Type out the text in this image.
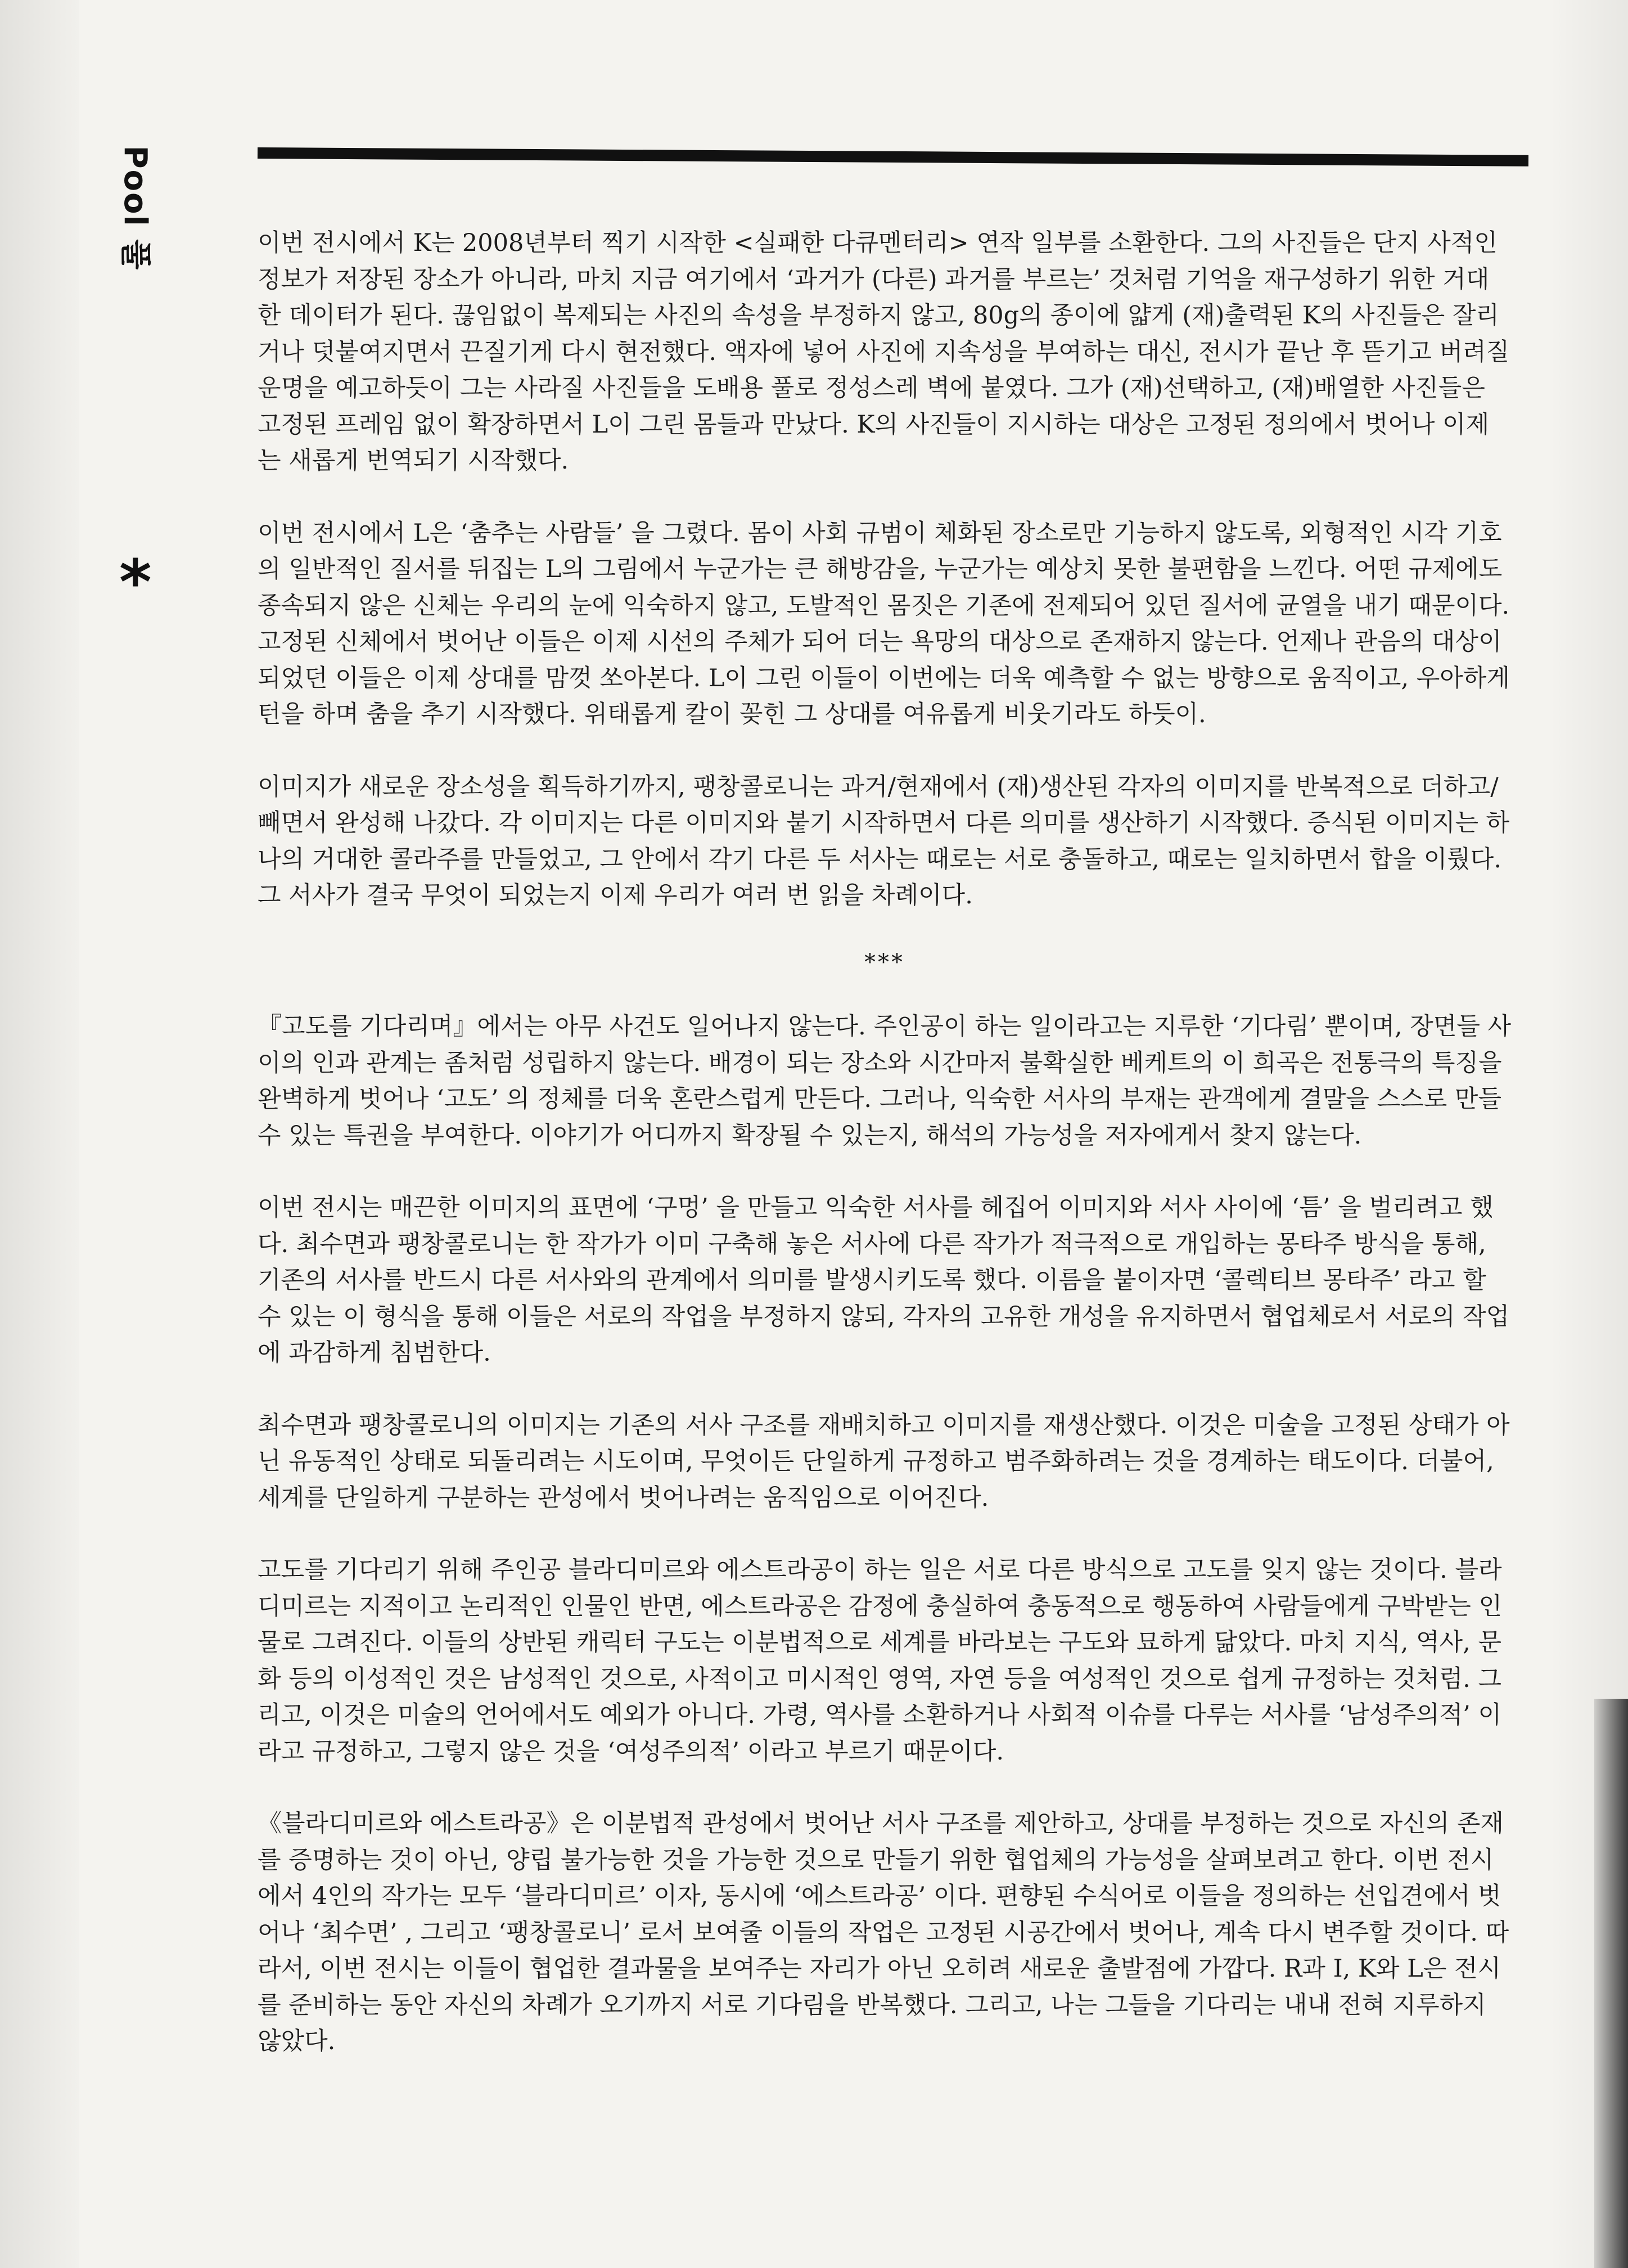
Pool 풀
*

이번 전시에서 K는 2008년부터 찍기 시작한 <실패한 다큐멘터리> 연작 일부를 소환한다. 그의 사진들은 단지 사적인 정보가 저장된 장소가 아니라, 마치 지금 여기에서 ‘과거가 (다른) 과거를 부르는’ 것처럼 기억을 재구성하기 위한 거대한 데이터가 된다. 끊임없이 복제되는 사진의 속성을 부정하지 않고, 80g의 종이에 얇게 (재)출력된 K의 사진들은 잘리거나 덧붙여지면서 끈질기게 다시 현전했다. 액자에 넣어 사진에 지속성을 부여하는 대신, 전시가 끝난 후 뜯기고 버려질 운명을 예고하듯이 그는 사라질 사진들을 도배용 풀로 정성스레 벽에 붙였다. 그가 (재)선택하고, (재)배열한 사진들은 고정된 프레임 없이 확장하면서 L이 그린 몸들과 만났다. K의 사진들이 지시하는 대상은 고정된 정의에서 벗어나 이제는 새롭게 번역되기 시작했다.

이번 전시에서 L은 ‘춤추는 사람들’ 을 그렸다. 몸이 사회 규범이 체화된 장소로만 기능하지 않도록, 외형적인 시각 기호의 일반적인 질서를 뒤집는 L의 그림에서 누군가는 큰 해방감을, 누군가는 예상치 못한 불편함을 느낀다. 어떤 규제에도 종속되지 않은 신체는 우리의 눈에 익숙하지 않고, 도발적인 몸짓은 기존에 전제되어 있던 질서에 균열을 내기 때문이다. 고정된 신체에서 벗어난 이들은 이제 시선의 주체가 되어 더는 욕망의 대상으로 존재하지 않는다. 언제나 관음의 대상이 되었던 이들은 이제 상대를 맘껏 쏘아본다. L이 그린 이들이 이번에는 더욱 예측할 수 없는 방향으로 움직이고, 우아하게 턴을 하며 춤을 추기 시작했다. 위태롭게 칼이 꽂힌 그 상대를 여유롭게 비웃기라도 하듯이.

이미지가 새로운 장소성을 획득하기까지, 팽창콜로니는 과거/현재에서 (재)생산된 각자의 이미지를 반복적으로 더하고/빼면서 완성해 나갔다. 각 이미지는 다른 이미지와 붙기 시작하면서 다른 의미를 생산하기 시작했다. 증식된 이미지는 하나의 거대한 콜라주를 만들었고, 그 안에서 각기 다른 두 서사는 때로는 서로 충돌하고, 때로는 일치하면서 합을 이뤘다. 그 서사가 결국 무엇이 되었는지 이제 우리가 여러 번 읽을 차례이다.

***

『고도를 기다리며』에서는 아무 사건도 일어나지 않는다. 주인공이 하는 일이라고는 지루한 ‘기다림’ 뿐이며, 장면들 사이의 인과 관계는 좀처럼 성립하지 않는다. 배경이 되는 장소와 시간마저 불확실한 베케트의 이 희곡은 전통극의 특징을 완벽하게 벗어나 ‘고도’ 의 정체를 더욱 혼란스럽게 만든다. 그러나, 익숙한 서사의 부재는 관객에게 결말을 스스로 만들 수 있는 특권을 부여한다. 이야기가 어디까지 확장될 수 있는지, 해석의 가능성을 저자에게서 찾지 않는다.

이번 전시는 매끈한 이미지의 표면에 ‘구멍’ 을 만들고 익숙한 서사를 헤집어 이미지와 서사 사이에 ‘틈’ 을 벌리려고 했다. 최수면과 팽창콜로니는 한 작가가 이미 구축해 놓은 서사에 다른 작가가 적극적으로 개입하는 몽타주 방식을 통해, 기존의 서사를 반드시 다른 서사와의 관계에서 의미를 발생시키도록 했다. 이름을 붙이자면 ‘콜렉티브 몽타주’ 라고 할 수 있는 이 형식을 통해 이들은 서로의 작업을 부정하지 않되, 각자의 고유한 개성을 유지하면서 협업체로서 서로의 작업에 과감하게 침범한다.

최수면과 팽창콜로니의 이미지는 기존의 서사 구조를 재배치하고 이미지를 재생산했다. 이것은 미술을 고정된 상태가 아닌 유동적인 상태로 되돌리려는 시도이며, 무엇이든 단일하게 규정하고 범주화하려는 것을 경계하는 태도이다. 더불어, 세계를 단일하게 구분하는 관성에서 벗어나려는 움직임으로 이어진다.

고도를 기다리기 위해 주인공 블라디미르와 에스트라공이 하는 일은 서로 다른 방식으로 고도를 잊지 않는 것이다. 블라디미르는 지적이고 논리적인 인물인 반면, 에스트라공은 감정에 충실하여 충동적으로 행동하여 사람들에게 구박받는 인물로 그려진다. 이들의 상반된 캐릭터 구도는 이분법적으로 세계를 바라보는 구도와 묘하게 닮았다. 마치 지식, 역사, 문화 등의 이성적인 것은 남성적인 것으로, 사적이고 미시적인 영역, 자연 등을 여성적인 것으로 쉽게 규정하는 것처럼. 그리고, 이것은 미술의 언어에서도 예외가 아니다. 가령, 역사를 소환하거나 사회적 이슈를 다루는 서사를 ‘남성주의적’ 이라고 규정하고, 그렇지 않은 것을 ‘여성주의적’ 이라고 부르기 때문이다.

《블라디미르와 에스트라공》은 이분법적 관성에서 벗어난 서사 구조를 제안하고, 상대를 부정하는 것으로 자신의 존재를 증명하는 것이 아닌, 양립 불가능한 것을 가능한 것으로 만들기 위한 협업체의 가능성을 살펴보려고 한다. 이번 전시에서 4인의 작가는 모두 ‘블라디미르’ 이자, 동시에 ‘에스트라공’ 이다. 편향된 수식어로 이들을 정의하는 선입견에서 벗어나 ‘최수면’ , 그리고 ‘팽창콜로니’ 로서 보여줄 이들의 작업은 고정된 시공간에서 벗어나, 계속 다시 변주할 것이다. 따라서, 이번 전시는 이들이 협업한 결과물을 보여주는 자리가 아닌 오히려 새로운 출발점에 가깝다. R과 I, K와 L은 전시를 준비하는 동안 자신의 차례가 오기까지 서로 기다림을 반복했다. 그리고, 나는 그들을 기다리는 내내 전혀 지루하지 않았다.
